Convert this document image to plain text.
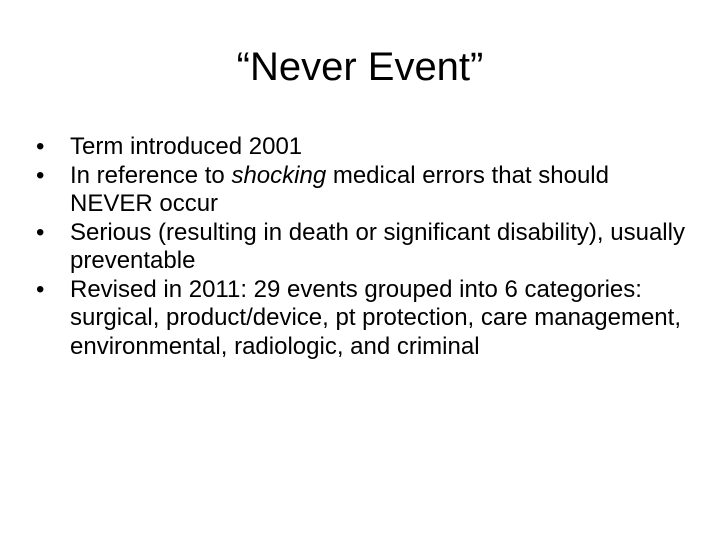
“Never Event”
•	Term introduced 2001
•	In reference to shocking medical errors that should NEVER occur
•	Serious (resulting in death or significant disability), usually preventable
•	Revised in 2011: 29 events grouped into 6 categories: surgical, product/device, pt protection, care management, environmental, radiologic, and criminal
